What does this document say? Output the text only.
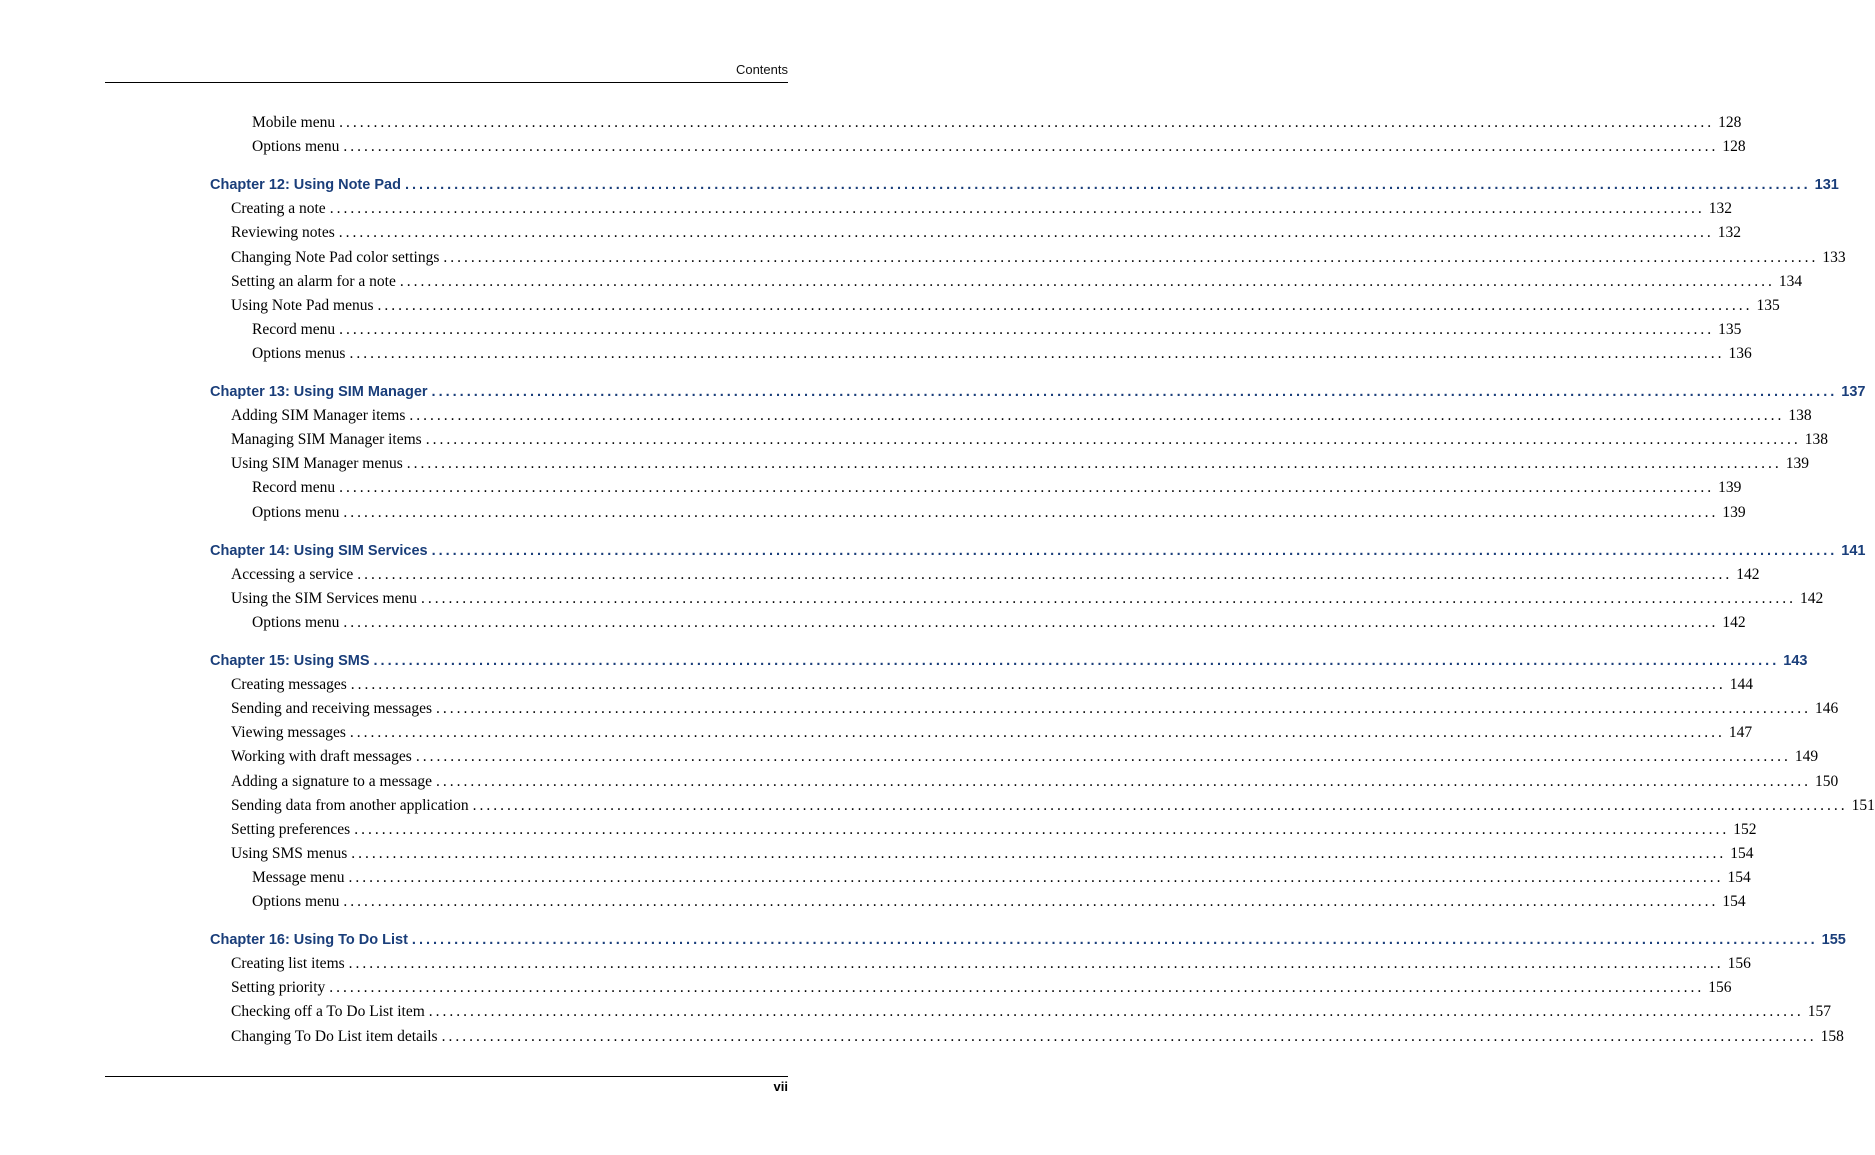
Contents
Mobile menu ........................................................................................................................................................................................................ 128
Options menu ........................................................................................................................................................................................................ 128
Chapter 12: Using Note Pad ........................................................................................................................................................................................................ 131
Creating a note ........................................................................................................................................................................................................ 132
Reviewing notes ........................................................................................................................................................................................................ 132
Changing Note Pad color settings ........................................................................................................................................................................................................ 133
Setting an alarm for a note ........................................................................................................................................................................................................ 134
Using Note Pad menus ........................................................................................................................................................................................................ 135
Record menu ........................................................................................................................................................................................................ 135
Options menus ........................................................................................................................................................................................................ 136
Chapter 13: Using SIM Manager ........................................................................................................................................................................................................ 137
Adding SIM Manager items ........................................................................................................................................................................................................ 138
Managing SIM Manager items ........................................................................................................................................................................................................ 138
Using SIM Manager menus ........................................................................................................................................................................................................ 139
Record menu ........................................................................................................................................................................................................ 139
Options menu ........................................................................................................................................................................................................ 139
Chapter 14: Using SIM Services ........................................................................................................................................................................................................ 141
Accessing a service ........................................................................................................................................................................................................ 142
Using the SIM Services menu ........................................................................................................................................................................................................ 142
Options menu ........................................................................................................................................................................................................ 142
Chapter 15: Using SMS ........................................................................................................................................................................................................ 143
Creating messages ........................................................................................................................................................................................................ 144
Sending and receiving messages ........................................................................................................................................................................................................ 146
Viewing messages ........................................................................................................................................................................................................ 147
Working with draft messages ........................................................................................................................................................................................................ 149
Adding a signature to a message ........................................................................................................................................................................................................ 150
Sending data from another application ........................................................................................................................................................................................................ 151
Setting preferences ........................................................................................................................................................................................................ 152
Using SMS menus ........................................................................................................................................................................................................ 154
Message menu ........................................................................................................................................................................................................ 154
Options menu ........................................................................................................................................................................................................ 154
Chapter 16: Using To Do List ........................................................................................................................................................................................................ 155
Creating list items ........................................................................................................................................................................................................ 156
Setting priority ........................................................................................................................................................................................................ 156
Checking off a To Do List item ........................................................................................................................................................................................................ 157
Changing To Do List item details ........................................................................................................................................................................................................ 158
vii
